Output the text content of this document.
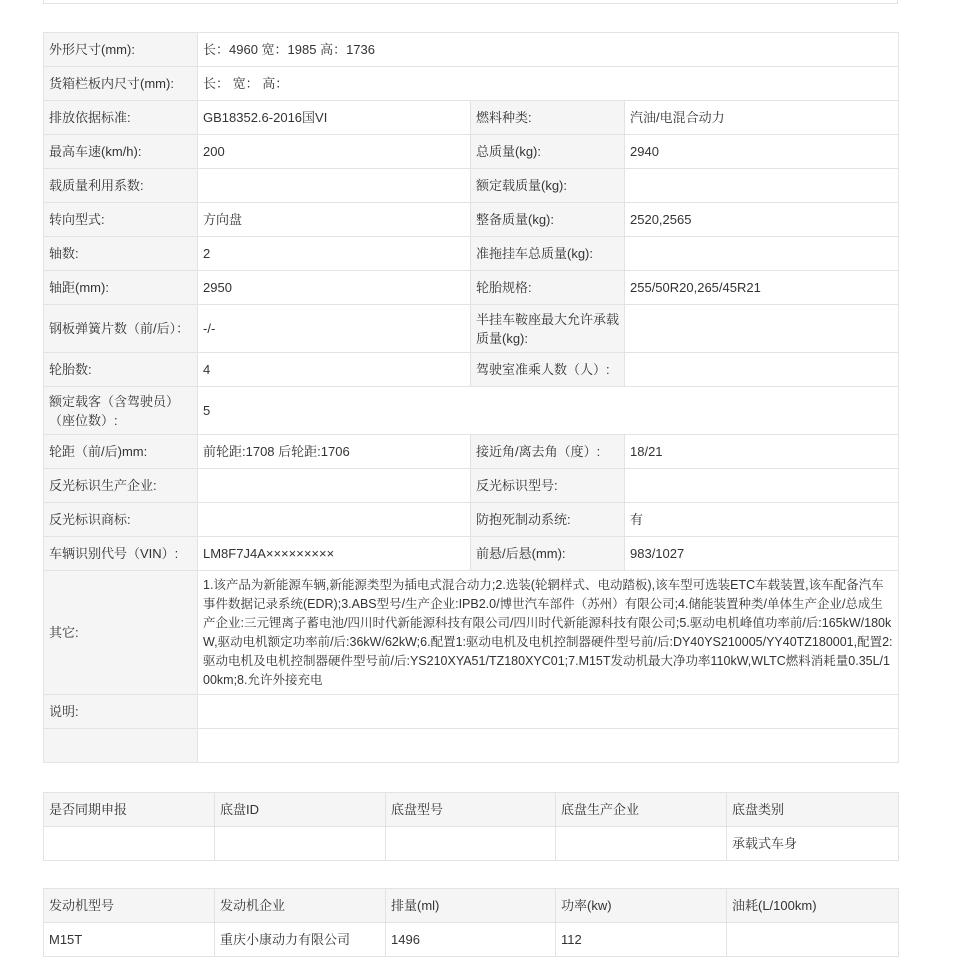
外形尺寸(mm):	长：4960 宽：1985 高：1736		
货箱栏板内尺寸(mm):	长： 宽： 高：		
排放依据标准:	GB18352.6-2016国VI	燃料种类:	汽油/电混合动力
最高车速(km/h):	200	总质量(kg):	2940
载质量利用系数:		额定载质量(kg):	
转向型式:	方向盘	整备质量(kg):	2520,2565
轴数:	2	准拖挂车总质量(kg):	
轴距(mm):	2950	轮胎规格:	255/50R20,265/45R21
钢板弹簧片数（前/后）：	-/-	半挂车鞍座最大允许承载质量(kg):	
轮胎数:	4	驾驶室准乘人数（人）:	
额定载客（含驾驶员）（座位数）:	5		
轮距（前/后)mm:	前轮距:1708 后轮距:1706	接近角/离去角（度）:	18/21
反光标识生产企业:		反光标识型号:	
反光标识商标:		防抱死制动系统:	有
车辆识别代号（VIN）:	LM8F7J4A×××××××××	前悬/后悬(mm):	983/1027
其它:	1.该产品为新能源车辆,新能源类型为插电式混合动力;2.选装(轮辋样式、电动踏板),该车型可选装ETC车载装置,该车配备汽车事件数据记录系统(EDR);3.ABS型号/生产企业:IPB2.0/博世汽车部件（苏州）有限公司;4.储能装置种类/单体生产企业/总成生产企业:三元锂离子蓄电池/四川时代新能源科技有限公司/四川时代新能源科技有限公司;5.驱动电机峰值功率前/后:165kW/180kW,驱动电机额定功率前/后:36kW/62kW;6.配置1:驱动电机及电机控制器硬件型号前/后:DY40YS210005/YY40TZ180001,配置2:驱动电机及电机控制器硬件型号前/后:YS210XYA51/TZ180XYC01;7.M15T发动机最大净功率110kW,WLTC燃料消耗量0.35L/100km;8.允许外接充电		
说明:			

是否同期申报	底盘ID	底盘型号	底盘生产企业	底盘类别
				承载式车身
发动机型号	发动机企业	排量(ml)	功率(kw)	油耗(L/100km)
M15T	重庆小康动力有限公司	1496	112	
